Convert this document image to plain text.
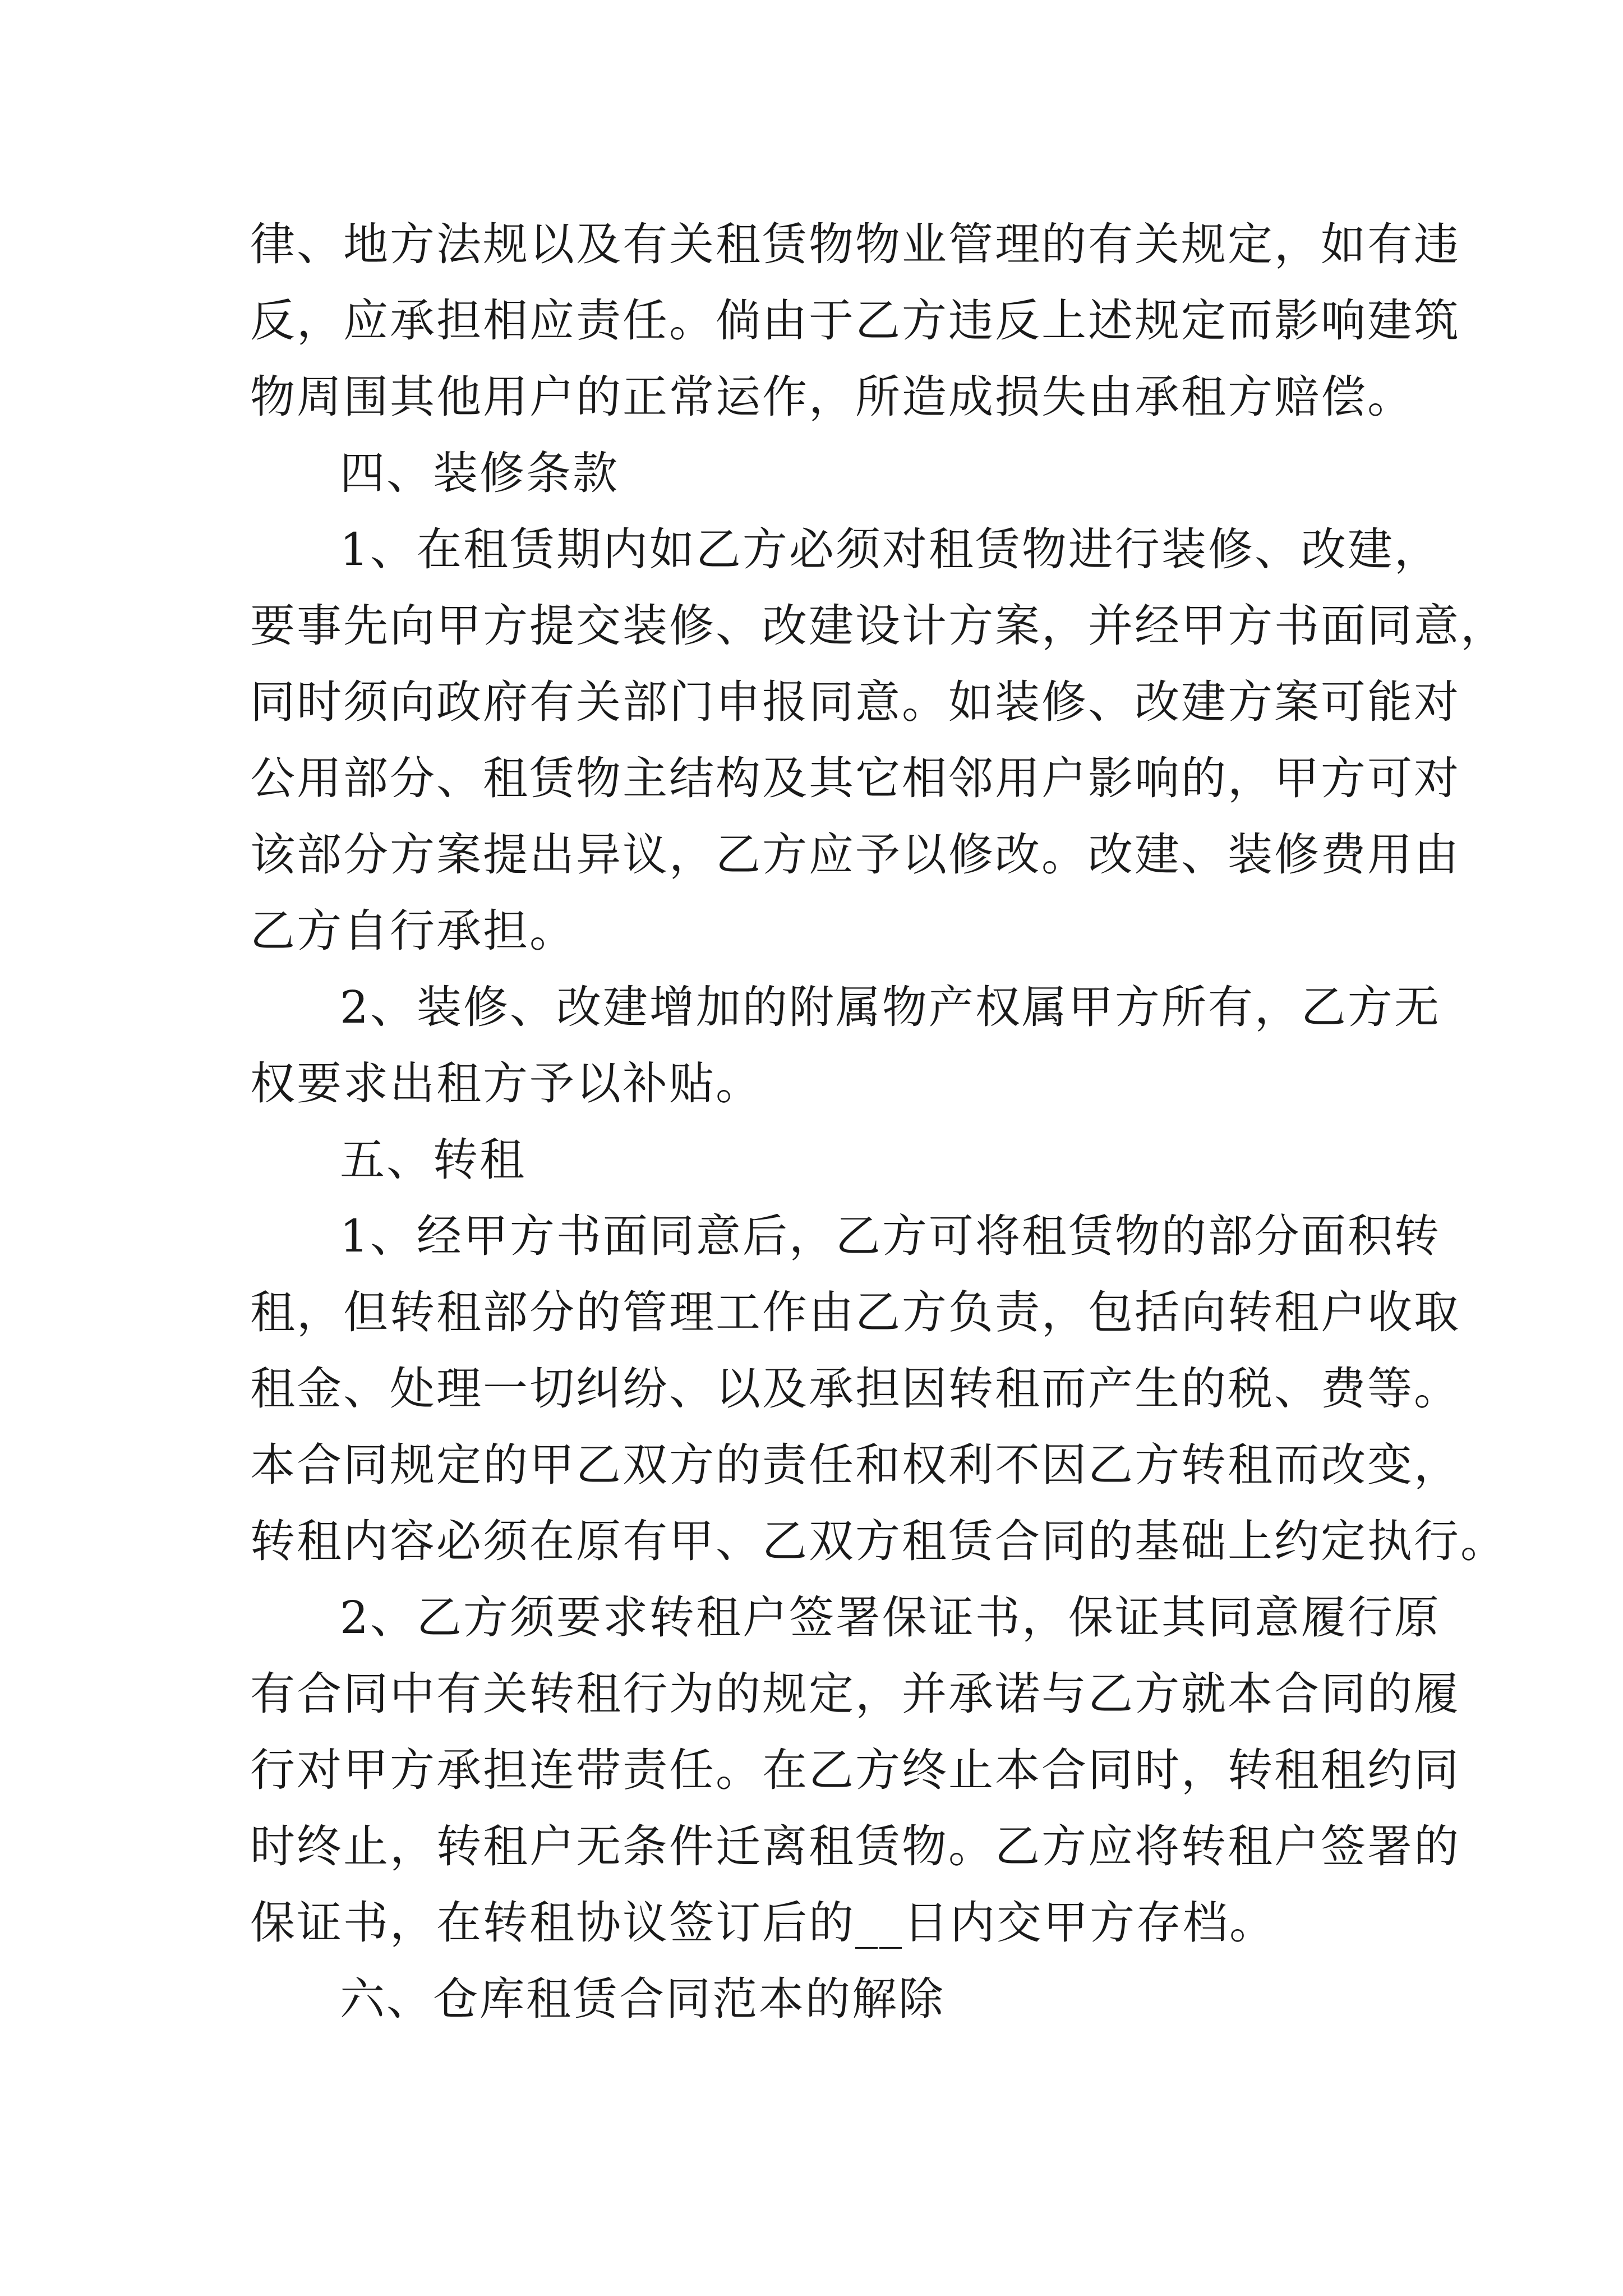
律、地方法规以及有关租赁物物业管理的有关规定，如有违
反，应承担相应责任。倘由于乙方违反上述规定而影响建筑
物周围其他用户的正常运作，所造成损失由承租方赔偿。
四、装修条款
1、在租赁期内如乙方必须对租赁物进行装修、改建，
要事先向甲方提交装修、改建设计方案，并经甲方书面同意，
同时须向政府有关部门申报同意。如装修、改建方案可能对
公用部分、租赁物主结构及其它相邻用户影响的，甲方可对
该部分方案提出异议，乙方应予以修改。改建、装修费用由
乙方自行承担。
2、装修、改建增加的附属物产权属甲方所有，乙方无
权要求出租方予以补贴。
五、转租
1、经甲方书面同意后，乙方可将租赁物的部分面积转
租，但转租部分的管理工作由乙方负责，包括向转租户收取
租金、处理一切纠纷、以及承担因转租而产生的税、费等。
本合同规定的甲乙双方的责任和权利不因乙方转租而改变，
转租内容必须在原有甲、乙双方租赁合同的基础上约定执行。
2、乙方须要求转租户签署保证书，保证其同意履行原
有合同中有关转租行为的规定，并承诺与乙方就本合同的履
行对甲方承担连带责任。在乙方终止本合同时，转租租约同
时终止，转租户无条件迁离租赁物。乙方应将转租户签署的
保证书，在转租协议签订后的__日内交甲方存档。
六、仓库租赁合同范本的解除
